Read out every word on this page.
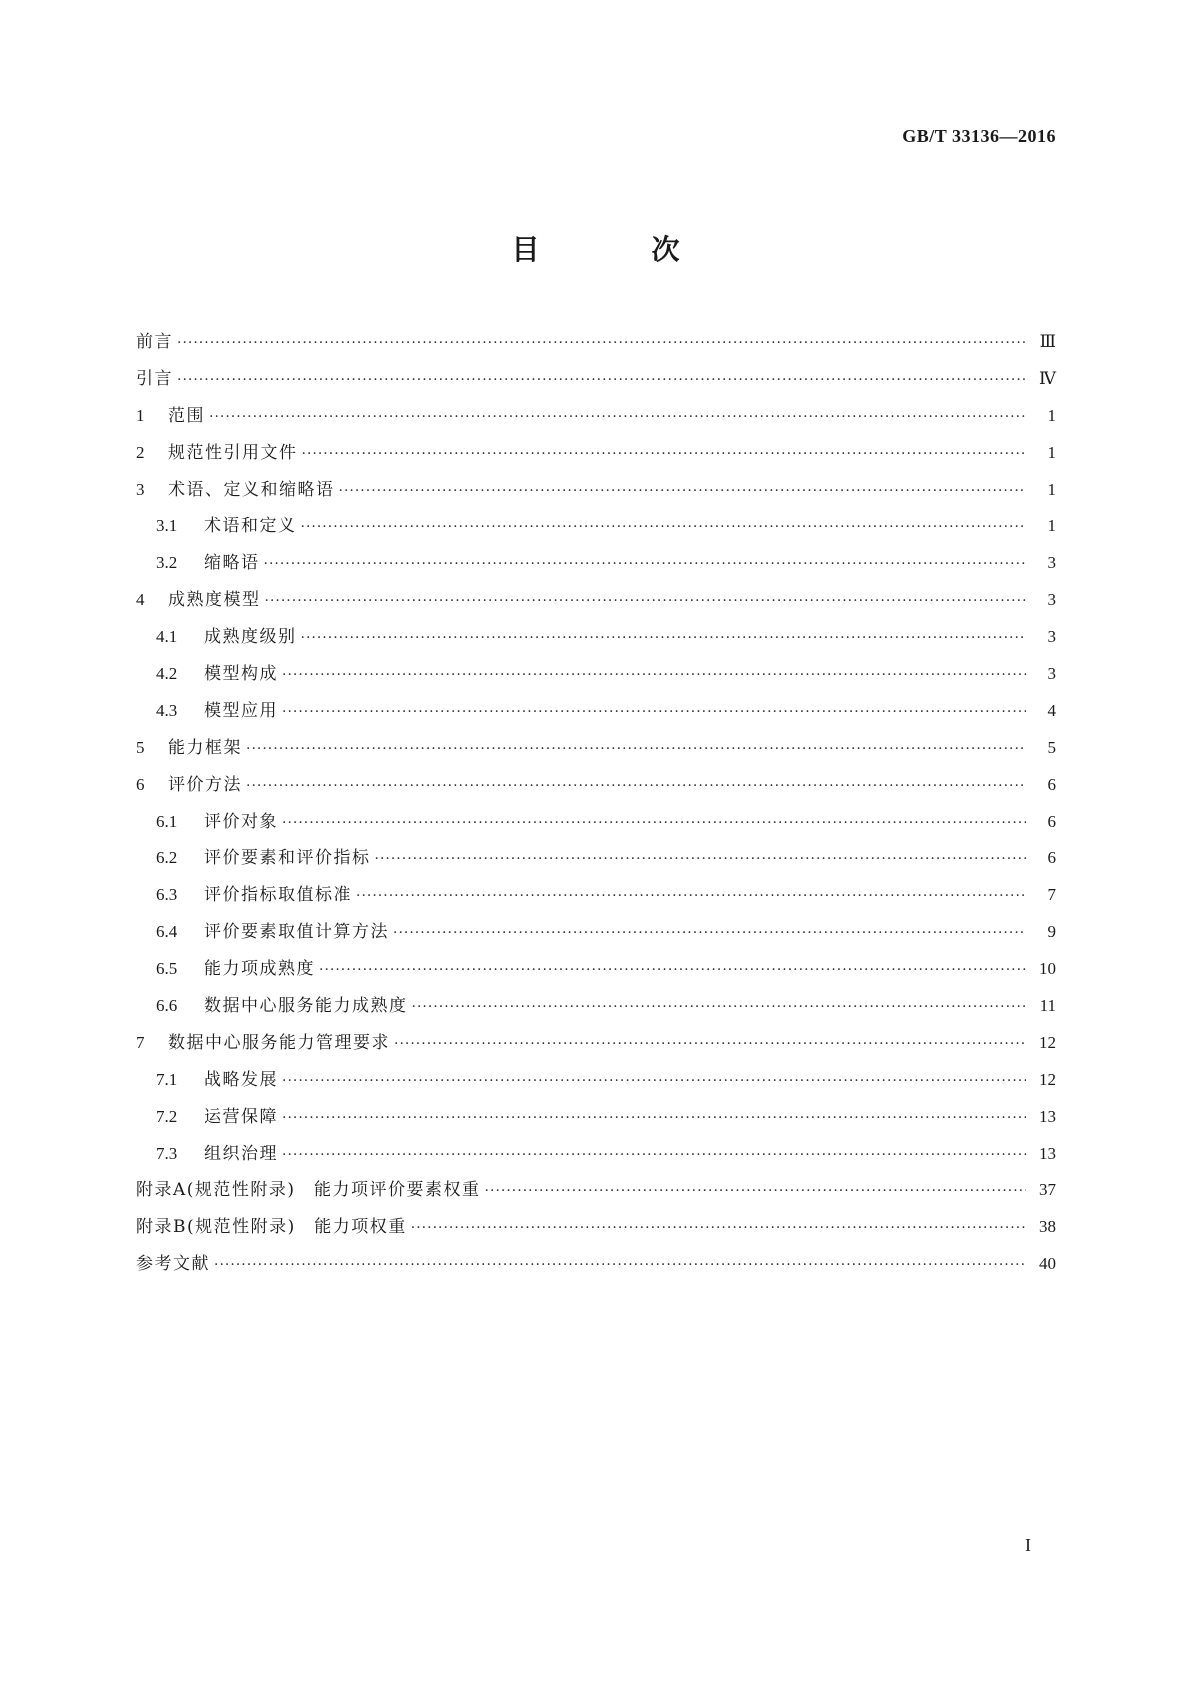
GB/T 33136—2016
目　次
前言 ·····	Ⅲ
引言 ·····	Ⅳ
1	范围 ·····	1
2	规范性引用文件 ·····	1
3	术语、定义和缩略语 ·····	1
3.1	术语和定义 ·····	1
3.2	缩略语 ·····	3
4	成熟度模型 ·····	3
4.1	成熟度级别 ·····	3
4.2	模型构成 ·····	3
4.3	模型应用 ·····	4
5	能力框架 ·····	5
6	评价方法 ·····	6
6.1	评价对象 ·····	6
6.2	评价要素和评价指标 ·····	6
6.3	评价指标取值标准 ·····	7
6.4	评价要素取值计算方法 ·····	9
6.5	能力项成熟度 ·····	10
6.6	数据中心服务能力成熟度 ·····	11
7	数据中心服务能力管理要求 ·····	12
7.1	战略发展 ·····	12
7.2	运营保障 ·····	13
7.3	组织治理 ·····	13
附录A(规范性附录)　能力项评价要素权重 ·····	37
附录B(规范性附录)　能力项权重 ·····	38
参考文献 ·····	40
I
